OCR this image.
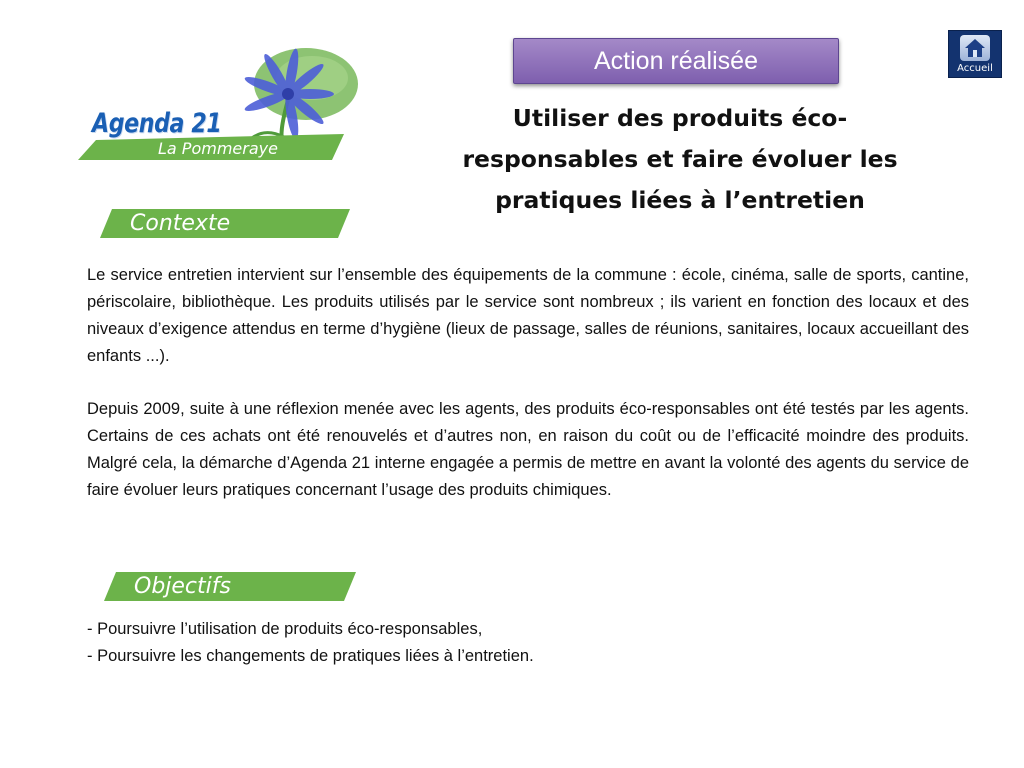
Agenda 21
La Pommeraye
Action réalisée	Accueil
Utiliser des produits éco-
responsables et faire évoluer les
pratiques liées à l’entretien
Contexte

Le service entretien intervient sur l’ensemble des équipements de la commune : école, cinéma, salle de sports, cantine, périscolaire, bibliothèque. Les produits utilisés par le service sont nombreux ; ils varient en fonction des locaux et des niveaux d’exigence attendus en terme d’hygiène (lieux de passage, salles de réunions, sanitaires, locaux accueillant des enfants ...).

Depuis 2009, suite à une réflexion menée avec les agents, des produits éco-responsables ont été testés par les agents. Certains de ces achats ont été renouvelés et d’autres non, en raison du coût ou de l’efficacité moindre des produits. Malgré cela, la démarche d’Agenda 21 interne engagée a permis de mettre en avant la volonté des agents du service de faire évoluer leurs pratiques concernant l’usage des produits chimiques.

Objectifs
- Poursuivre l’utilisation de produits éco-responsables,
- Poursuivre les changements de pratiques liées à l’entretien.
